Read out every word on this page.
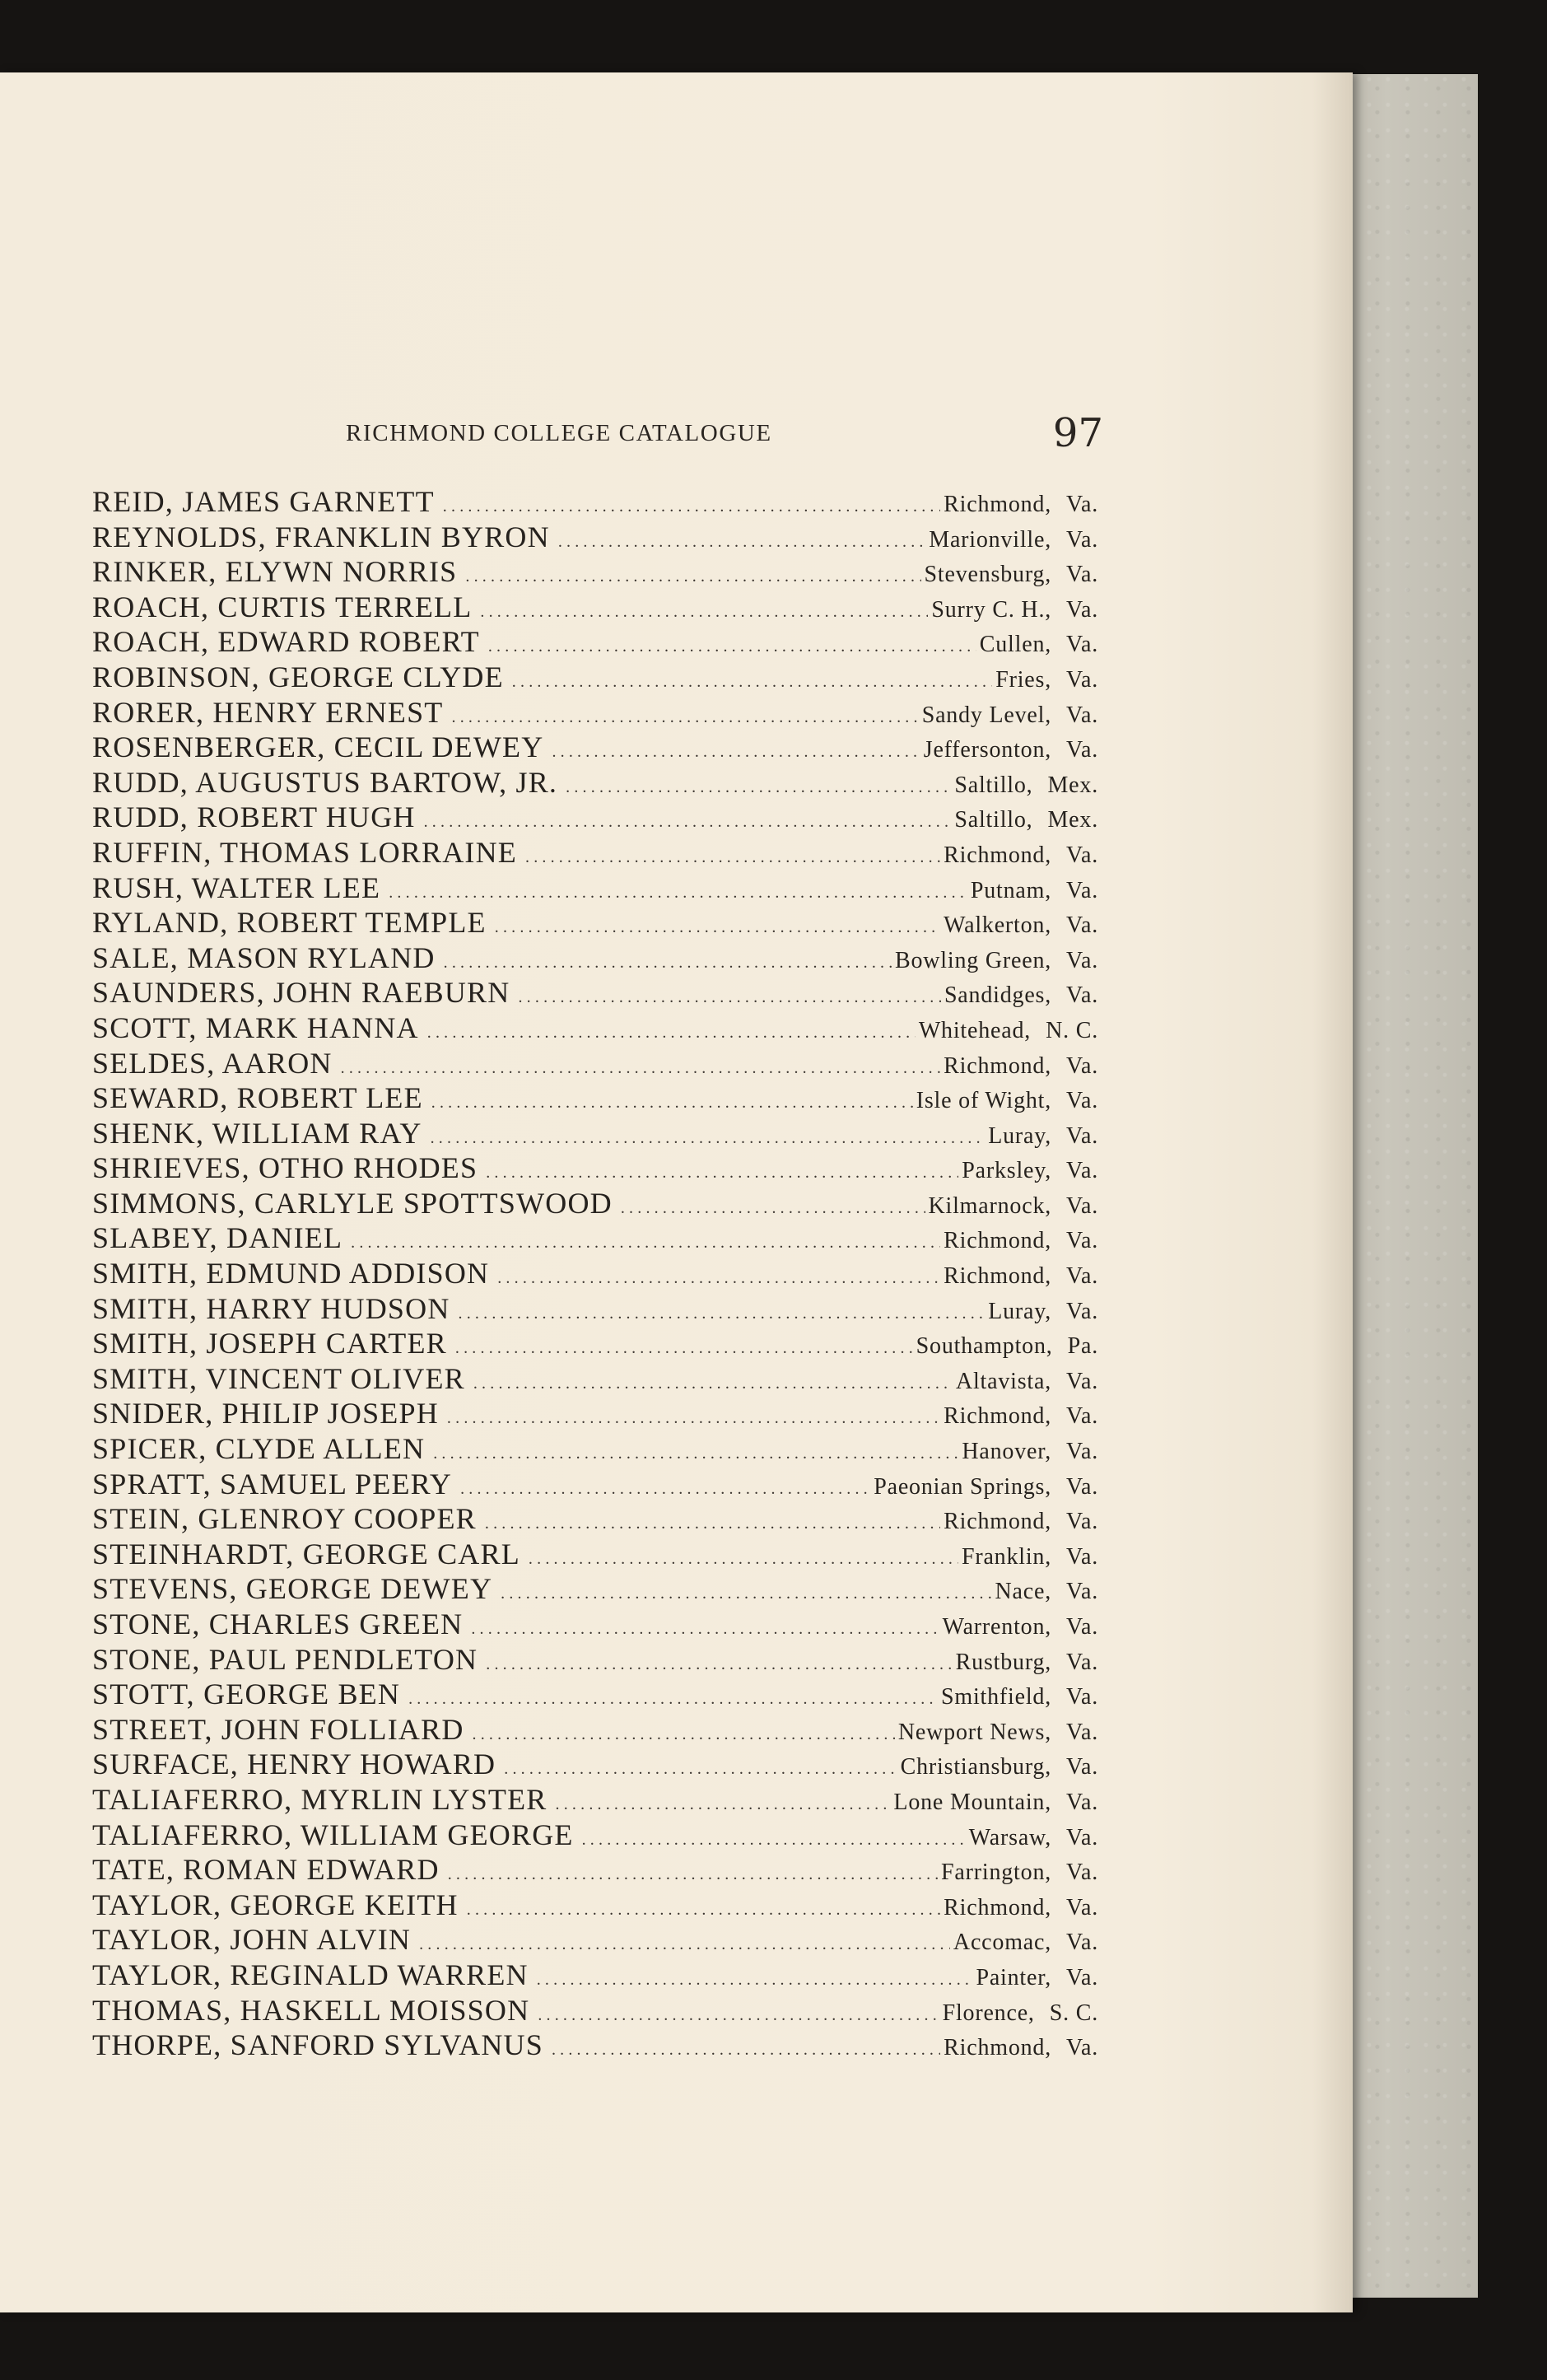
RICHMOND COLLEGE CATALOGUE	97
REID, JAMES GARNETT .....	Richmond, Va.
REYNOLDS, FRANKLIN BYRON .....	Marionville, Va.
RINKER, ELYWN NORRIS .....	Stevensburg, Va.
ROACH, CURTIS TERRELL .....	Surry C. H., Va.
ROACH, EDWARD ROBERT .....	Cullen, Va.
ROBINSON, GEORGE CLYDE .....	Fries, Va.
RORER, HENRY ERNEST .....	Sandy Level, Va.
ROSENBERGER, CECIL DEWEY .....	Jeffersonton, Va.
RUDD, AUGUSTUS BARTOW, JR. .....	Saltillo, Mex.
RUDD, ROBERT HUGH .....	Saltillo, Mex.
RUFFIN, THOMAS LORRAINE .....	Richmond, Va.
RUSH, WALTER LEE .....	Putnam, Va.
RYLAND, ROBERT TEMPLE .....	Walkerton, Va.
SALE, MASON RYLAND .....	Bowling Green, Va.
SAUNDERS, JOHN RAEBURN .....	Sandidges, Va.
SCOTT, MARK HANNA .....	Whitehead, N. C.
SELDES, AARON .....	Richmond, Va.
SEWARD, ROBERT LEE .....	Isle of Wight, Va.
SHENK, WILLIAM RAY .....	Luray, Va.
SHRIEVES, OTHO RHODES .....	Parksley, Va.
SIMMONS, CARLYLE SPOTTSWOOD .....	Kilmarnock, Va.
SLABEY, DANIEL .....	Richmond, Va.
SMITH, EDMUND ADDISON .....	Richmond, Va.
SMITH, HARRY HUDSON .....	Luray, Va.
SMITH, JOSEPH CARTER .....	Southampton, Pa.
SMITH, VINCENT OLIVER .....	Altavista, Va.
SNIDER, PHILIP JOSEPH .....	Richmond, Va.
SPICER, CLYDE ALLEN .....	Hanover, Va.
SPRATT, SAMUEL PEERY .....	Paeonian Springs, Va.
STEIN, GLENROY COOPER .....	Richmond, Va.
STEINHARDT, GEORGE CARL .....	Franklin, Va.
STEVENS, GEORGE DEWEY .....	Nace, Va.
STONE, CHARLES GREEN .....	Warrenton, Va.
STONE, PAUL PENDLETON .....	Rustburg, Va.
STOTT, GEORGE BEN .....	Smithfield, Va.
STREET, JOHN FOLLIARD .....	Newport News, Va.
SURFACE, HENRY HOWARD .....	Christiansburg, Va.
TALIAFERRO, MYRLIN LYSTER .....	Lone Mountain, Va.
TALIAFERRO, WILLIAM GEORGE .....	Warsaw, Va.
TATE, ROMAN EDWARD .....	Farrington, Va.
TAYLOR, GEORGE KEITH .....	Richmond, Va.
TAYLOR, JOHN ALVIN .....	Accomac, Va.
TAYLOR, REGINALD WARREN .....	Painter, Va.
THOMAS, HASKELL MOISSON .....	Florence, S. C.
THORPE, SANFORD SYLVANUS .....	Richmond, Va.
